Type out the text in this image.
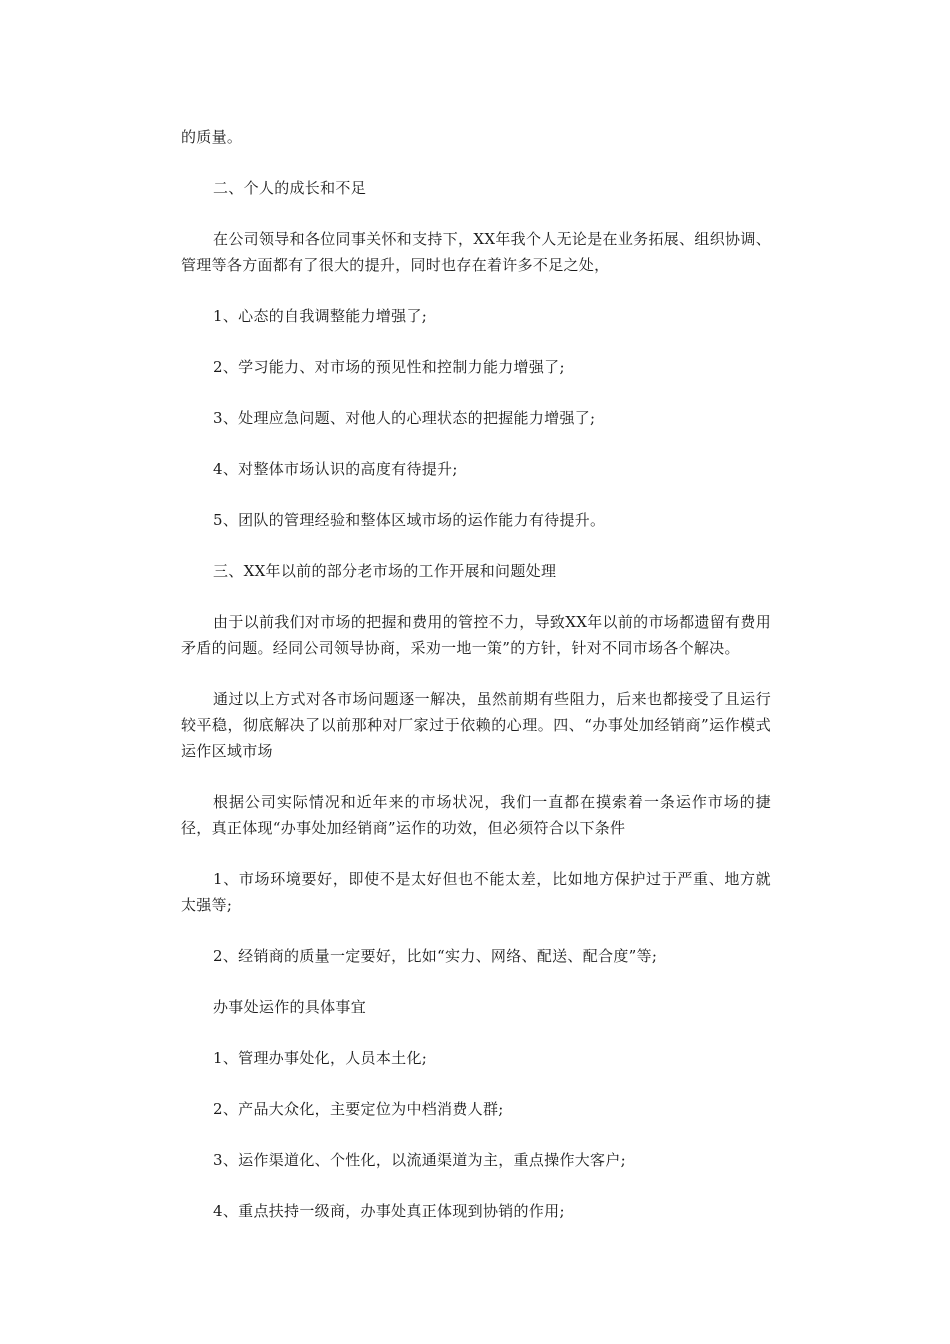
的质量。

二、个人的成长和不足

在公司领导和各位同事关怀和支持下，XX年我个人无论是在业务拓展、组织协调、管理等各方面都有了很大的提升，同时也存在着许多不足之处，

1、心态的自我调整能力增强了;

2、学习能力、对市场的预见性和控制力能力增强了;

3、处理应急问题、对他人的心理状态的把握能力增强了;

4、对整体市场认识的高度有待提升;

5、团队的管理经验和整体区域市场的运作能力有待提升。

三、XX年以前的部分老市场的工作开展和问题处理

由于以前我们对市场的把握和费用的管控不力，导致XX年以前的市场都遗留有费用矛盾的问题。经同公司领导协商，采劝一地一策”的方针，针对不同市场各个解决。

通过以上方式对各市场问题逐一解决，虽然前期有些阻力，后来也都接受了且运行较平稳，彻底解决了以前那种对厂家过于依赖的心理。四、“办事处加经销商”运作模式运作区域市场

根据公司实际情况和近年来的市场状况，我们一直都在摸索着一条运作市场的捷径，真正体现“办事处加经销商”运作的功效，但必须符合以下条件

1、市场环境要好，即使不是太好但也不能太差，比如地方保护过于严重、地方就太强等;

2、经销商的质量一定要好，比如“实力、网络、配送、配合度”等;

办事处运作的具体事宜

1、管理办事处化，人员本土化;

2、产品大众化，主要定位为中档消费人群;

3、运作渠道化、个性化，以流通渠道为主，重点操作大客户;

4、重点扶持一级商，办事处真正体现到协销的作用;
